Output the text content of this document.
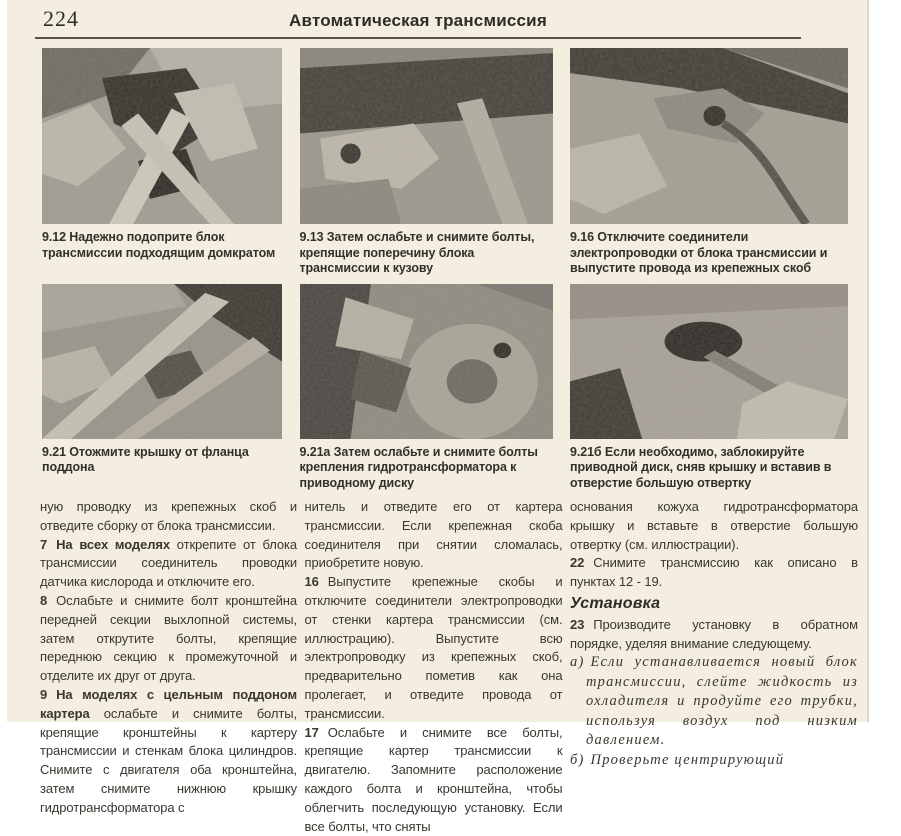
224	Автоматическая трансмиссия
9.12 Надежно подоприте блок трансмиссии подходящим домкратом
9.13 Затем ослабьте и снимите болты, крепящие поперечину блока трансмиссии к кузову
9.16 Отключите соединители электропроводки от блока трансмиссии и выпустите провода из крепежных скоб
9.21 Отожмите крышку от фланца поддона
9.21а Затем ослабьте и снимите болты крепления гидротрансформатора к приводному диску
9.21б Если необходимо, заблокируйте приводной диск, сняв крышку и вставив в отверстие большую отвертку

ную проводку из крепежных скоб и отведите сборку от блока трансмиссии.

7 На всех моделях открепите от блока трансмиссии соединитель проводки датчика кислорода и отключите его.

8 Ослабьте и снимите болт кронштейна передней секции выхлопной системы, затем открутите болты, крепящие переднюю секцию к промежуточной и отделите их друг от друга.

9 На моделях с цельным поддоном картера ослабьте и снимите болты, крепящие кронштейны к картеру трансмиссии и стенкам блока цилиндров. Снимите с двигателя оба кронштейна, затем снимите нижнюю крышку гидротрансформатора с

нитель и отведите его от картера трансмиссии. Если крепежная скоба соединителя при снятии сломалась, приобретите новую.

16 Выпустите крепежные скобы и отключите соединители электропроводки от стенки картера трансмиссии (см. иллюстрацию). Выпустите всю электропроводку из крепежных скоб, предварительно пометив как она пролегает, и отведите провода от трансмиссии.

17 Ослабьте и снимите все болты, крепящие картер трансмиссии к двигателю. Запомните расположение каждого болта и кронштейна, чтобы облегчить последующую установку. Если все болты, что сняты

основания кожуха гидротрансформатора крышку и вставьте в отверстие большую отвертку (см. иллюстрации).

22 Снимите трансмиссию как описано в пунктах 12 - 19.

Установка

23 Производите установку в обратном порядке, уделяя внимание следующему.

а) Если устанавливается новый блок трансмиссии, слейте жидкость из охладителя и продуйте его трубки, используя воздух под низким давлением.

б) Проверьте центрирующий
